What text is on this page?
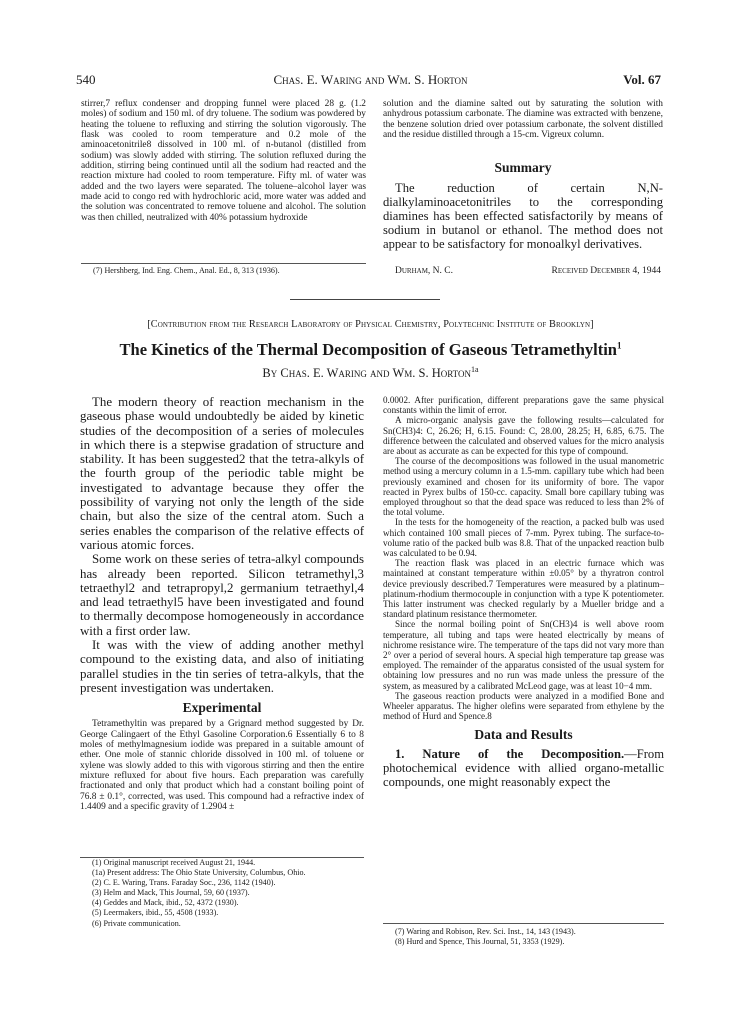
540	Chas. E. Waring and Wm. S. Horton	Vol. 67

stirrer,7 reflux condenser and dropping funnel were placed 28 g. (1.2 moles) of sodium and 150 ml. of dry toluene. The sodium was powdered by heating the toluene to refluxing and stirring the solution vigorously. The flask was cooled to room temperature and 0.2 mole of the aminoacetonitrile8 dissolved in 100 ml. of n-butanol (distilled from sodium) was slowly added with stirring. The solution refluxed during the addition, stirring being continued until all the sodium had reacted and the reaction mixture had cooled to room temperature. Fifty ml. of water was added and the two layers were separated. The toluene–alcohol layer was made acid to congo red with hydrochloric acid, more water was added and the solution was concentrated to remove toluene and alcohol. The solution was then chilled, neutralized with 40% potassium hydroxide

(7) Hershberg, Ind. Eng. Chem., Anal. Ed., 8, 313 (1936).

solution and the diamine salted out by saturating the solution with anhydrous potassium carbonate. The diamine was extracted with benzene, the benzene solution dried over potassium carbonate, the solvent distilled and the residue distilled through a 15-cm. Vigreux column.

Summary
The reduction of certain N,N-dialkylaminoacetonitriles to the corresponding diamines has been effected satisfactorily by means of sodium in butanol or ethanol. The method does not appear to be satisfactory for monoalkyl derivatives.
Durham, N. C.	Received December 4, 1944
[Contribution from the Research Laboratory of Physical Chemistry, Polytechnic Institute of Brooklyn]
The Kinetics of the Thermal Decomposition of Gaseous Tetramethyltin$^1$
By Chas. E. Waring and Wm. S. Horton$^{1a}$
The modern theory of reaction mechanism in the gaseous phase would undoubtedly be aided by kinetic studies of the decomposition of a series of molecules in which there is a stepwise gradation of structure and stability. It has been suggested2 that the tetra-alkyls of the fourth group of the periodic table might be investigated to advantage because they offer the possibility of varying not only the length of the side chain, but also the size of the central atom. Such a series enables the comparison of the relative effects of various atomic forces.
Some work on these series of tetra-alkyl compounds has already been reported. Silicon tetramethyl,3 tetraethyl2 and tetrapropyl,2 germanium tetraethyl,4 and lead tetraethyl5 have been investigated and found to thermally decompose homogeneously in accordance with a first order law.
It was with the view of adding another methyl compound to the existing data, and also of initiating parallel studies in the tin series of tetra-alkyls, that the present investigation was undertaken.
Experimental
Tetramethyltin was prepared by a Grignard method suggested by Dr. George Calingaert of the Ethyl Gasoline Corporation.6 Essentially 6 to 8 moles of methylmagnesium iodide was prepared in a suitable amount of ether. One mole of stannic chloride dissolved in 100 ml. of toluene or xylene was slowly added to this with vigorous stirring and then the entire mixture refluxed for about five hours. Each preparation was carefully fractionated and only that product which had a constant boiling point of 76.8 ± 0.1°, corrected, was used. This compound had a refractive index of 1.4409 and a specific gravity of 1.2904 ±
(1) Original manuscript received August 21, 1944.
(1a) Present address: The Ohio State University, Columbus, Ohio.
(2) C. E. Waring, Trans. Faraday Soc., 236, 1142 (1940).
(3) Helm and Mack, This Journal, 59, 60 (1937).
(4) Geddes and Mack, ibid., 52, 4372 (1930).
(5) Leermakers, ibid., 55, 4508 (1933).
(6) Private communication.
0.0002. After purification, different preparations gave the same physical constants within the limit of error.
A micro-organic analysis gave the following results—calculated for Sn(CH3)4: C, 26.26; H, 6.15. Found: C, 28.00, 28.25; H, 6.85, 6.75. The difference between the calculated and observed values for the micro analysis are about as accurate as can be expected for this type of compound.
The course of the decompositions was followed in the usual manometric method using a mercury column in a 1.5-mm. capillary tube which had been previously examined and chosen for its uniformity of bore. The vapor reacted in Pyrex bulbs of 150-cc. capacity. Small bore capillary tubing was employed throughout so that the dead space was reduced to less than 2% of the total volume.
In the tests for the homogeneity of the reaction, a packed bulb was used which contained 100 small pieces of 7-mm. Pyrex tubing. The surface-to-volume ratio of the packed bulb was 8.8. That of the unpacked reaction bulb was calculated to be 0.94.
The reaction flask was placed in an electric furnace which was maintained at constant temperature within ±0.05° by a thyratron control device previously described.7 Temperatures were measured by a platinum–platinum-rhodium thermocouple in conjunction with a type K potentiometer. This latter instrument was checked regularly by a Mueller bridge and a standard platinum resistance thermometer.
Since the normal boiling point of Sn(CH3)4 is well above room temperature, all tubing and taps were heated electrically by means of nichrome resistance wire. The temperature of the taps did not vary more than 2° over a period of several hours. A special high temperature tap grease was employed. The remainder of the apparatus consisted of the usual system for obtaining low pressures and no run was made unless the pressure of the system, as measured by a calibrated McLeod gage, was at least 10−4 mm.
The gaseous reaction products were analyzed in a modified Bone and Wheeler apparatus. The higher olefins were separated from ethylene by the method of Hurd and Spence.8
Data and Results
1. Nature of the Decomposition.—From photochemical evidence with allied organo-metallic compounds, one might reasonably expect the
(7) Waring and Robison, Rev. Sci. Inst., 14, 143 (1943).
(8) Hurd and Spence, This Journal, 51, 3353 (1929).
